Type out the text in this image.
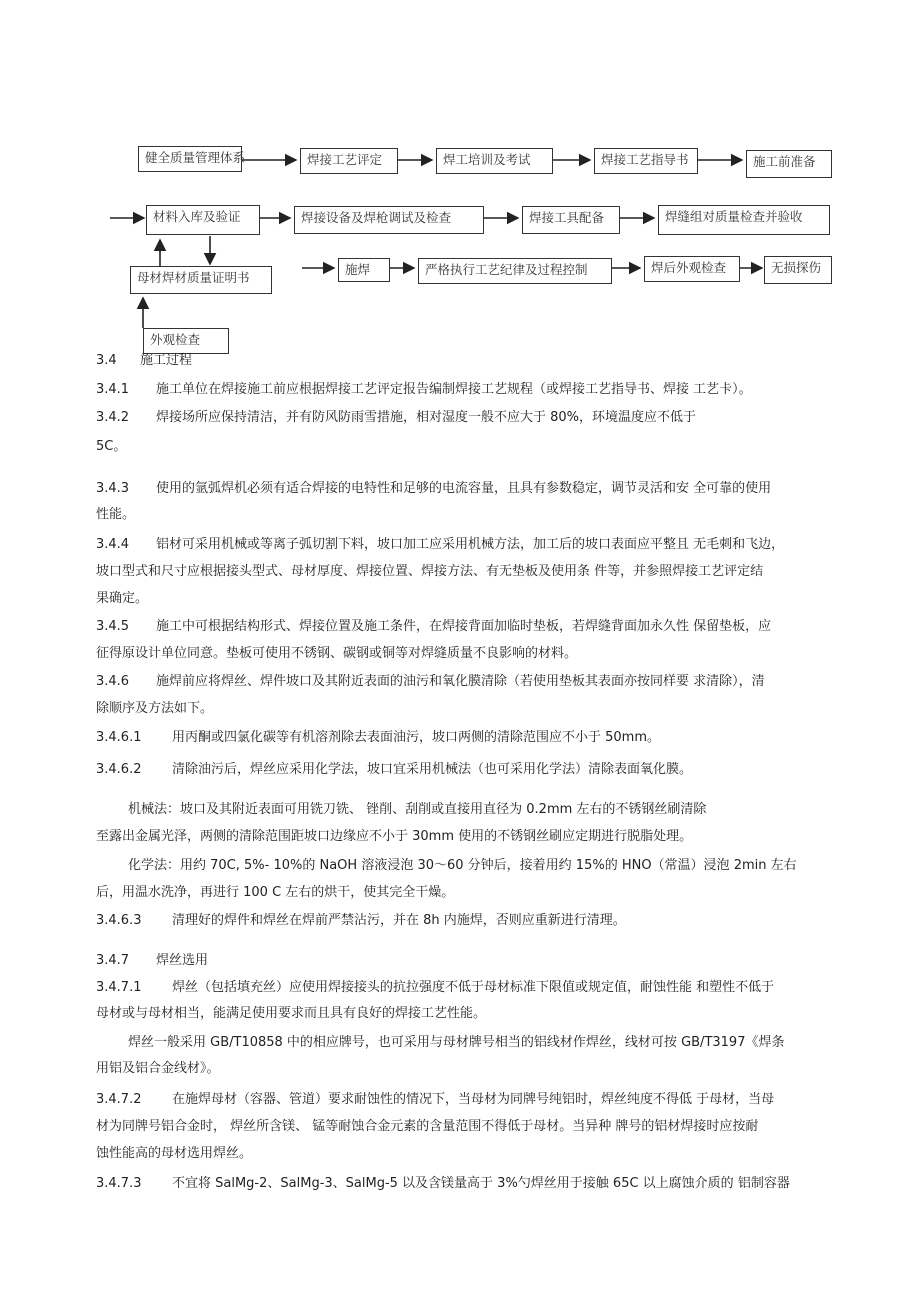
健全质量管理体系	焊接工艺评定	焊工培训及考试	焊接工艺指导书	施工前准备
材料入库及验证	焊接设备及焊枪调试及检查	焊接工具配备	焊缝组对质量检查并验收
母材焊材质量证明书
施焊	严格执行工艺纪律及过程控制	焊后外观检查	无损探伤
外观检查
3.4 施工过程
3.4.1 施工单位在焊接施工前应根据焊接工艺评定报告编制焊接工艺规程（或焊接工艺指导书、焊接 工艺卡）。
3.4.2 焊接场所应保持清洁，并有防风防雨雪措施，相对湿度一般不应大于 80%，环境温度应不低于
5C。
3.4.3 使用的氩弧焊机必须有适合焊接的电特性和足够的电流容量，且具有参数稳定，调节灵活和安 全可靠的使用
性能。
3.4.4 铝材可采用机械或等离子弧切割下料，坡口加工应采用机械方法，加工后的坡口表面应平整且 无毛刺和飞边，
坡口型式和尺寸应根据接头型式、母材厚度、焊接位置、焊接方法、有无垫板及使用条 件等，并参照焊接工艺评定结
果确定。
3.4.5 施工中可根据结构形式、焊接位置及施工条件，在焊接背面加临时垫板，若焊缝背面加永久性 保留垫板，应
征得原设计单位同意。垫板可使用不锈钢、碳钢或铜等对焊缝质量不良影响的材料。
3.4.6 施焊前应将焊丝、焊件坡口及其附近表面的油污和氧化膜清除（若使用垫板其表面亦按同样要 求清除），清
除顺序及方法如下。
3.4.6.1 用丙酮或四氯化碳等有机溶剂除去表面油污，坡口两侧的清除范围应不小于 50mm。
3.4.6.2 清除油污后，焊丝应采用化学法，坡口宜采用机械法（也可采用化学法）清除表面氧化膜。
机械法：坡口及其附近表面可用铣刀铣、 锉削、刮削或直接用直径为 0.2mm 左右的不锈钢丝刷清除
至露出金属光泽，两侧的清除范围距坡口边缘应不小于 30mm 使用的不锈钢丝刷应定期进行脱脂处理。
化学法：用约 70C, 5%- 10%的 NaOH 溶液浸泡 30～60 分钟后，接着用约 15%的 HNO（常温）浸泡 2min 左右
后，用温水洗净，再进行 100 C 左右的烘干，使其完全干燥。
3.4.6.3 清理好的焊件和焊丝在焊前严禁沾污，并在 8h 内施焊，否则应重新进行清理。
3.4.7 焊丝选用
3.4.7.1 焊丝（包括填充丝）应使用焊接接头的抗拉强度不低于母材标准下限值或规定值，耐蚀性能 和塑性不低于
母材或与母材相当，能满足使用要求而且具有良好的焊接工艺性能。
焊丝一般采用 GB/T10858 中的相应牌号，也可采用与母材牌号相当的铝线材作焊丝，线材可按 GB/T3197《焊条
用铝及铝合金线材》。
3.4.7.2 在施焊母材（容器、管道）要求耐蚀性的情况下，当母材为同牌号纯铝时，焊丝纯度不得低 于母材，当母
材为同牌号铝合金时， 焊丝所含镁、 锰等耐蚀合金元素的含量范围不得低于母材。当异种 牌号的铝材焊接时应按耐
蚀性能高的母材选用焊丝。
3.4.7.3 不宜将 SalMg-2、SalMg-3、SalMg-5 以及含镁量高于 3%勺焊丝用于接触 65C 以上腐蚀介质的 铝制容器
